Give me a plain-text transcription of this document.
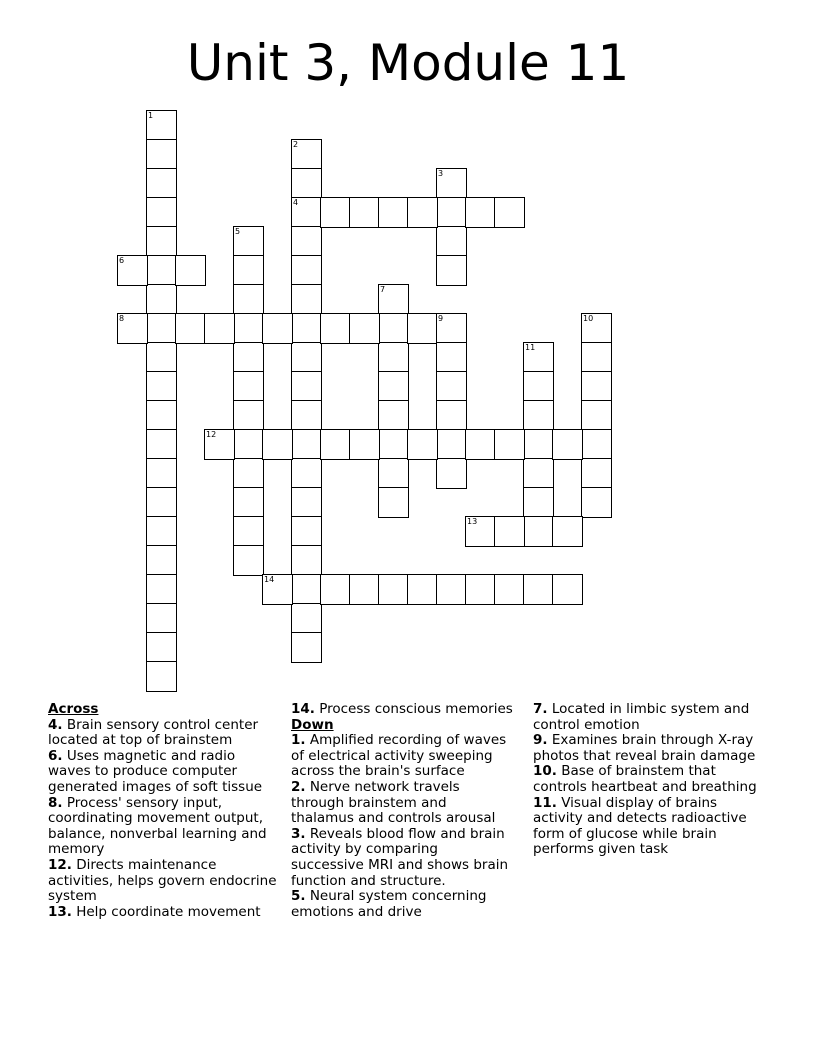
Unit 3, Module 11
1
2
4
3
5
6
7
8	9	10
11
12
13
14
Across
4. Brain sensory control center located at top of brainstem
6. Uses magnetic and radio waves to produce computer generated images of soft tissue
8. Process' sensory input, coordinating movement output, balance, nonverbal learning and memory
12. Directs maintenance activities, helps govern endocrine system
13. Help coordinate movement
14. Process conscious memories
Down
1. Amplified recording of waves of electrical activity sweeping across the brain's surface
2. Nerve network travels through brainstem and thalamus and controls arousal
3. Reveals blood flow and brain activity by comparing successive MRI and shows brain function and structure.
5. Neural system concerning emotions and drive
7. Located in limbic system and control emotion
9. Examines brain through X-ray photos that reveal brain damage
10. Base of brainstem that controls heartbeat and breathing
11. Visual display of brains activity and detects radioactive form of glucose while brain performs given task
